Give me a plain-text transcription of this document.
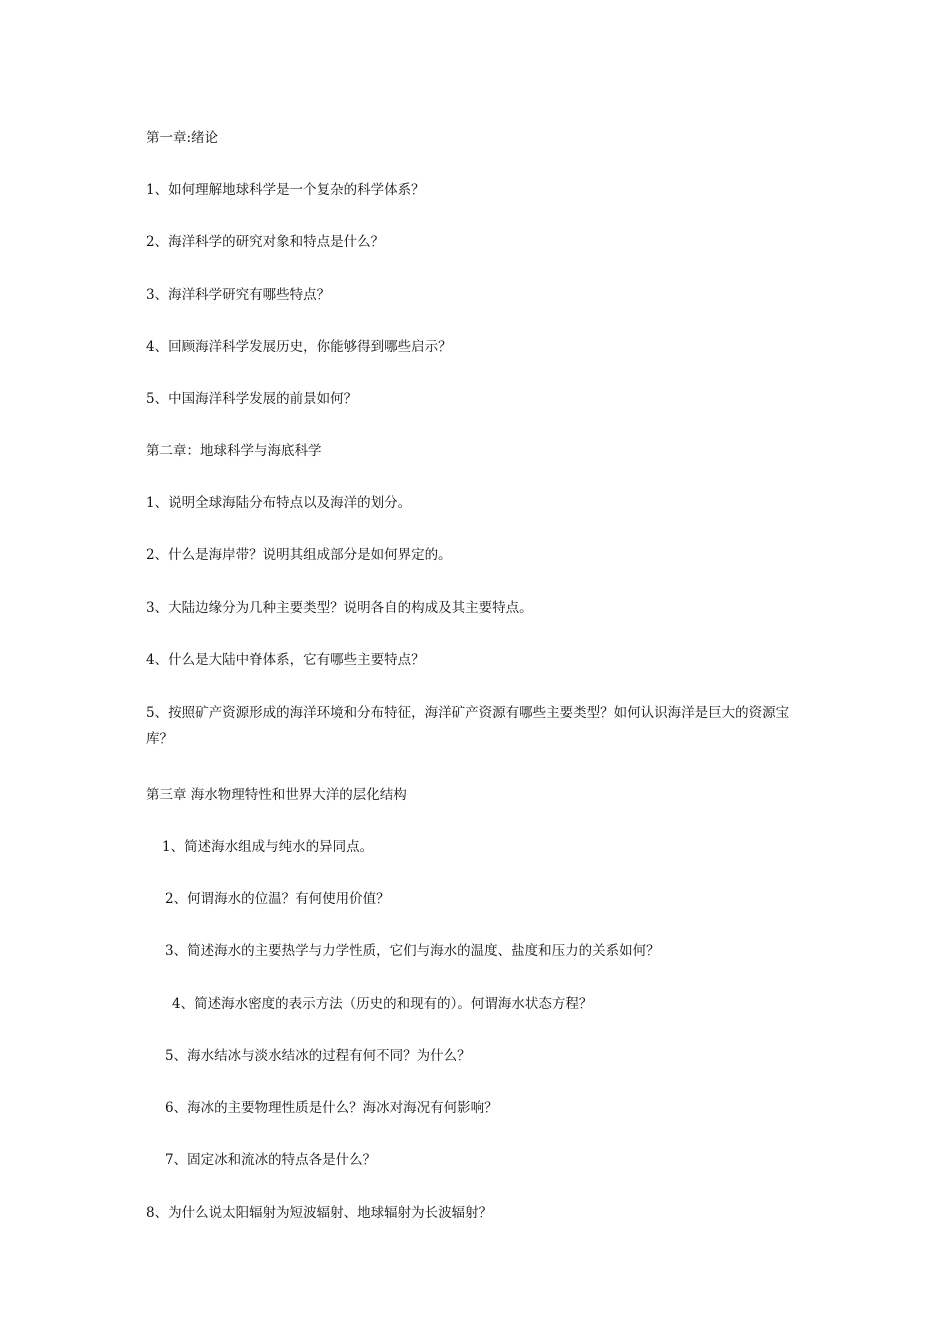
第一章:绪论
1、如何理解地球科学是一个复杂的科学体系？
2、海洋科学的研究对象和特点是什么？
3、海洋科学研究有哪些特点？
4、回顾海洋科学发展历史，你能够得到哪些启示？
5、中国海洋科学发展的前景如何？
第二章：地球科学与海底科学
1、说明全球海陆分布特点以及海洋的划分。
2、什么是海岸带？说明其组成部分是如何界定的。
3、大陆边缘分为几种主要类型？说明各自的构成及其主要特点。
4、什么是大陆中脊体系，它有哪些主要特点？
5、按照矿产资源形成的海洋环境和分布特征，海洋矿产资源有哪些主要类型？如何认识海洋是巨大的资源宝库？
第三章 海水物理特性和世界大洋的层化结构
1、简述海水组成与纯水的异同点。
2、何谓海水的位温？有何使用价值？
3、简述海水的主要热学与力学性质，它们与海水的温度、盐度和压力的关系如何？
4、简述海水密度的表示方法（历史的和现有的）。何谓海水状态方程？
5、海水结冰与淡水结冰的过程有何不同？为什么？
6、海冰的主要物理性质是什么？海冰对海况有何影响？
7、固定冰和流冰的特点各是什么？
8、为什么说太阳辐射为短波辐射、地球辐射为长波辐射？
